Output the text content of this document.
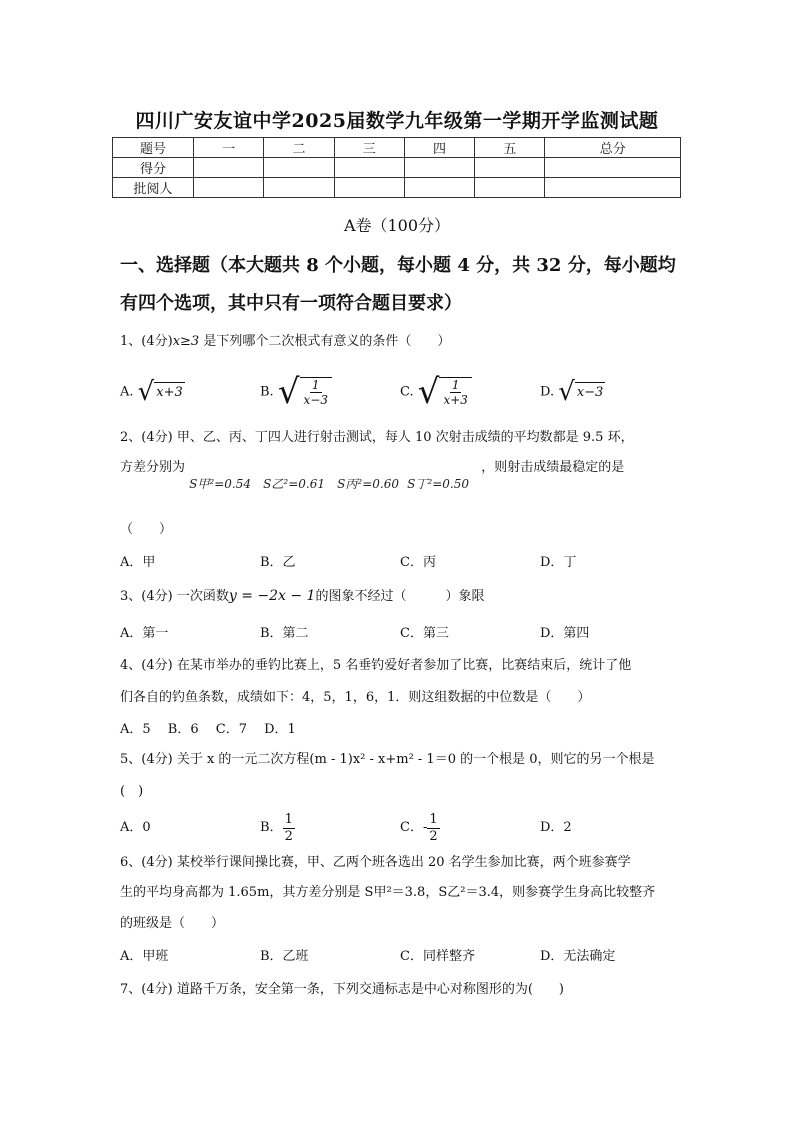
四川广安友谊中学2025届数学九年级第一学期开学监测试题
题号	一	二	三	四	五	总分
得分						
批阅人						
A卷（100分）
一、选择题（本大题共 8 个小题，每小题 4 分，共 32 分，每小题均
有四个选项，其中只有一项符合题目要求）
1、(4分)x≥3 是下列哪个二次根式有意义的条件（　　）
A. √ x+3	B. √ $\frac{1}{x-3}$	C. √ $\frac{1}{x+3}$	D. √ x−3
2、(4分) 甲、乙、丙、丁四人进行射击测试，每人 10 次射击成绩的平均数都是 9.5 环，
方差分别为
S甲²=0.54 S乙²=0.61 S丙²=0.60 S丁²=0.50
，则射击成绩最稳定的是
（　　）
A．甲	B．乙	C．丙	D．丁
3、(4分) 一次函数y = −2x − 1的图象不经过（　　　）象限
A．第一	B．第二	C．第三	D．第四
4、(4分) 在某市举办的垂钓比赛上，5 名垂钓爱好者参加了比赛，比赛结束后，统计了他
们各自的钓鱼条数，成绩如下：4，5，1，6，1．则这组数据的中位数是（　　）
A．5　 B．6　 C．7　 D．1
5、(4分) 关于 x 的一元二次方程(m - 1)x² - x+m² - 1＝0 的一个根是 0，则它的另一个根是
(　)
A．0	B． $\frac{1}{2}$	C．- $\frac{1}{2}$	D．2
6、(4分) 某校举行课间操比赛，甲、乙两个班各选出 20 名学生参加比赛，两个班参赛学
生的平均身高都为 1.65m，其方差分别是 S甲²＝3.8，S乙²＝3.4，则参赛学生身高比较整齐
的班级是（　　）
A．甲班	B．乙班	C．同样整齐	D．无法确定
7、(4分) 道路千万条，安全第一条，下列交通标志是中心对称图形的为(　　)
